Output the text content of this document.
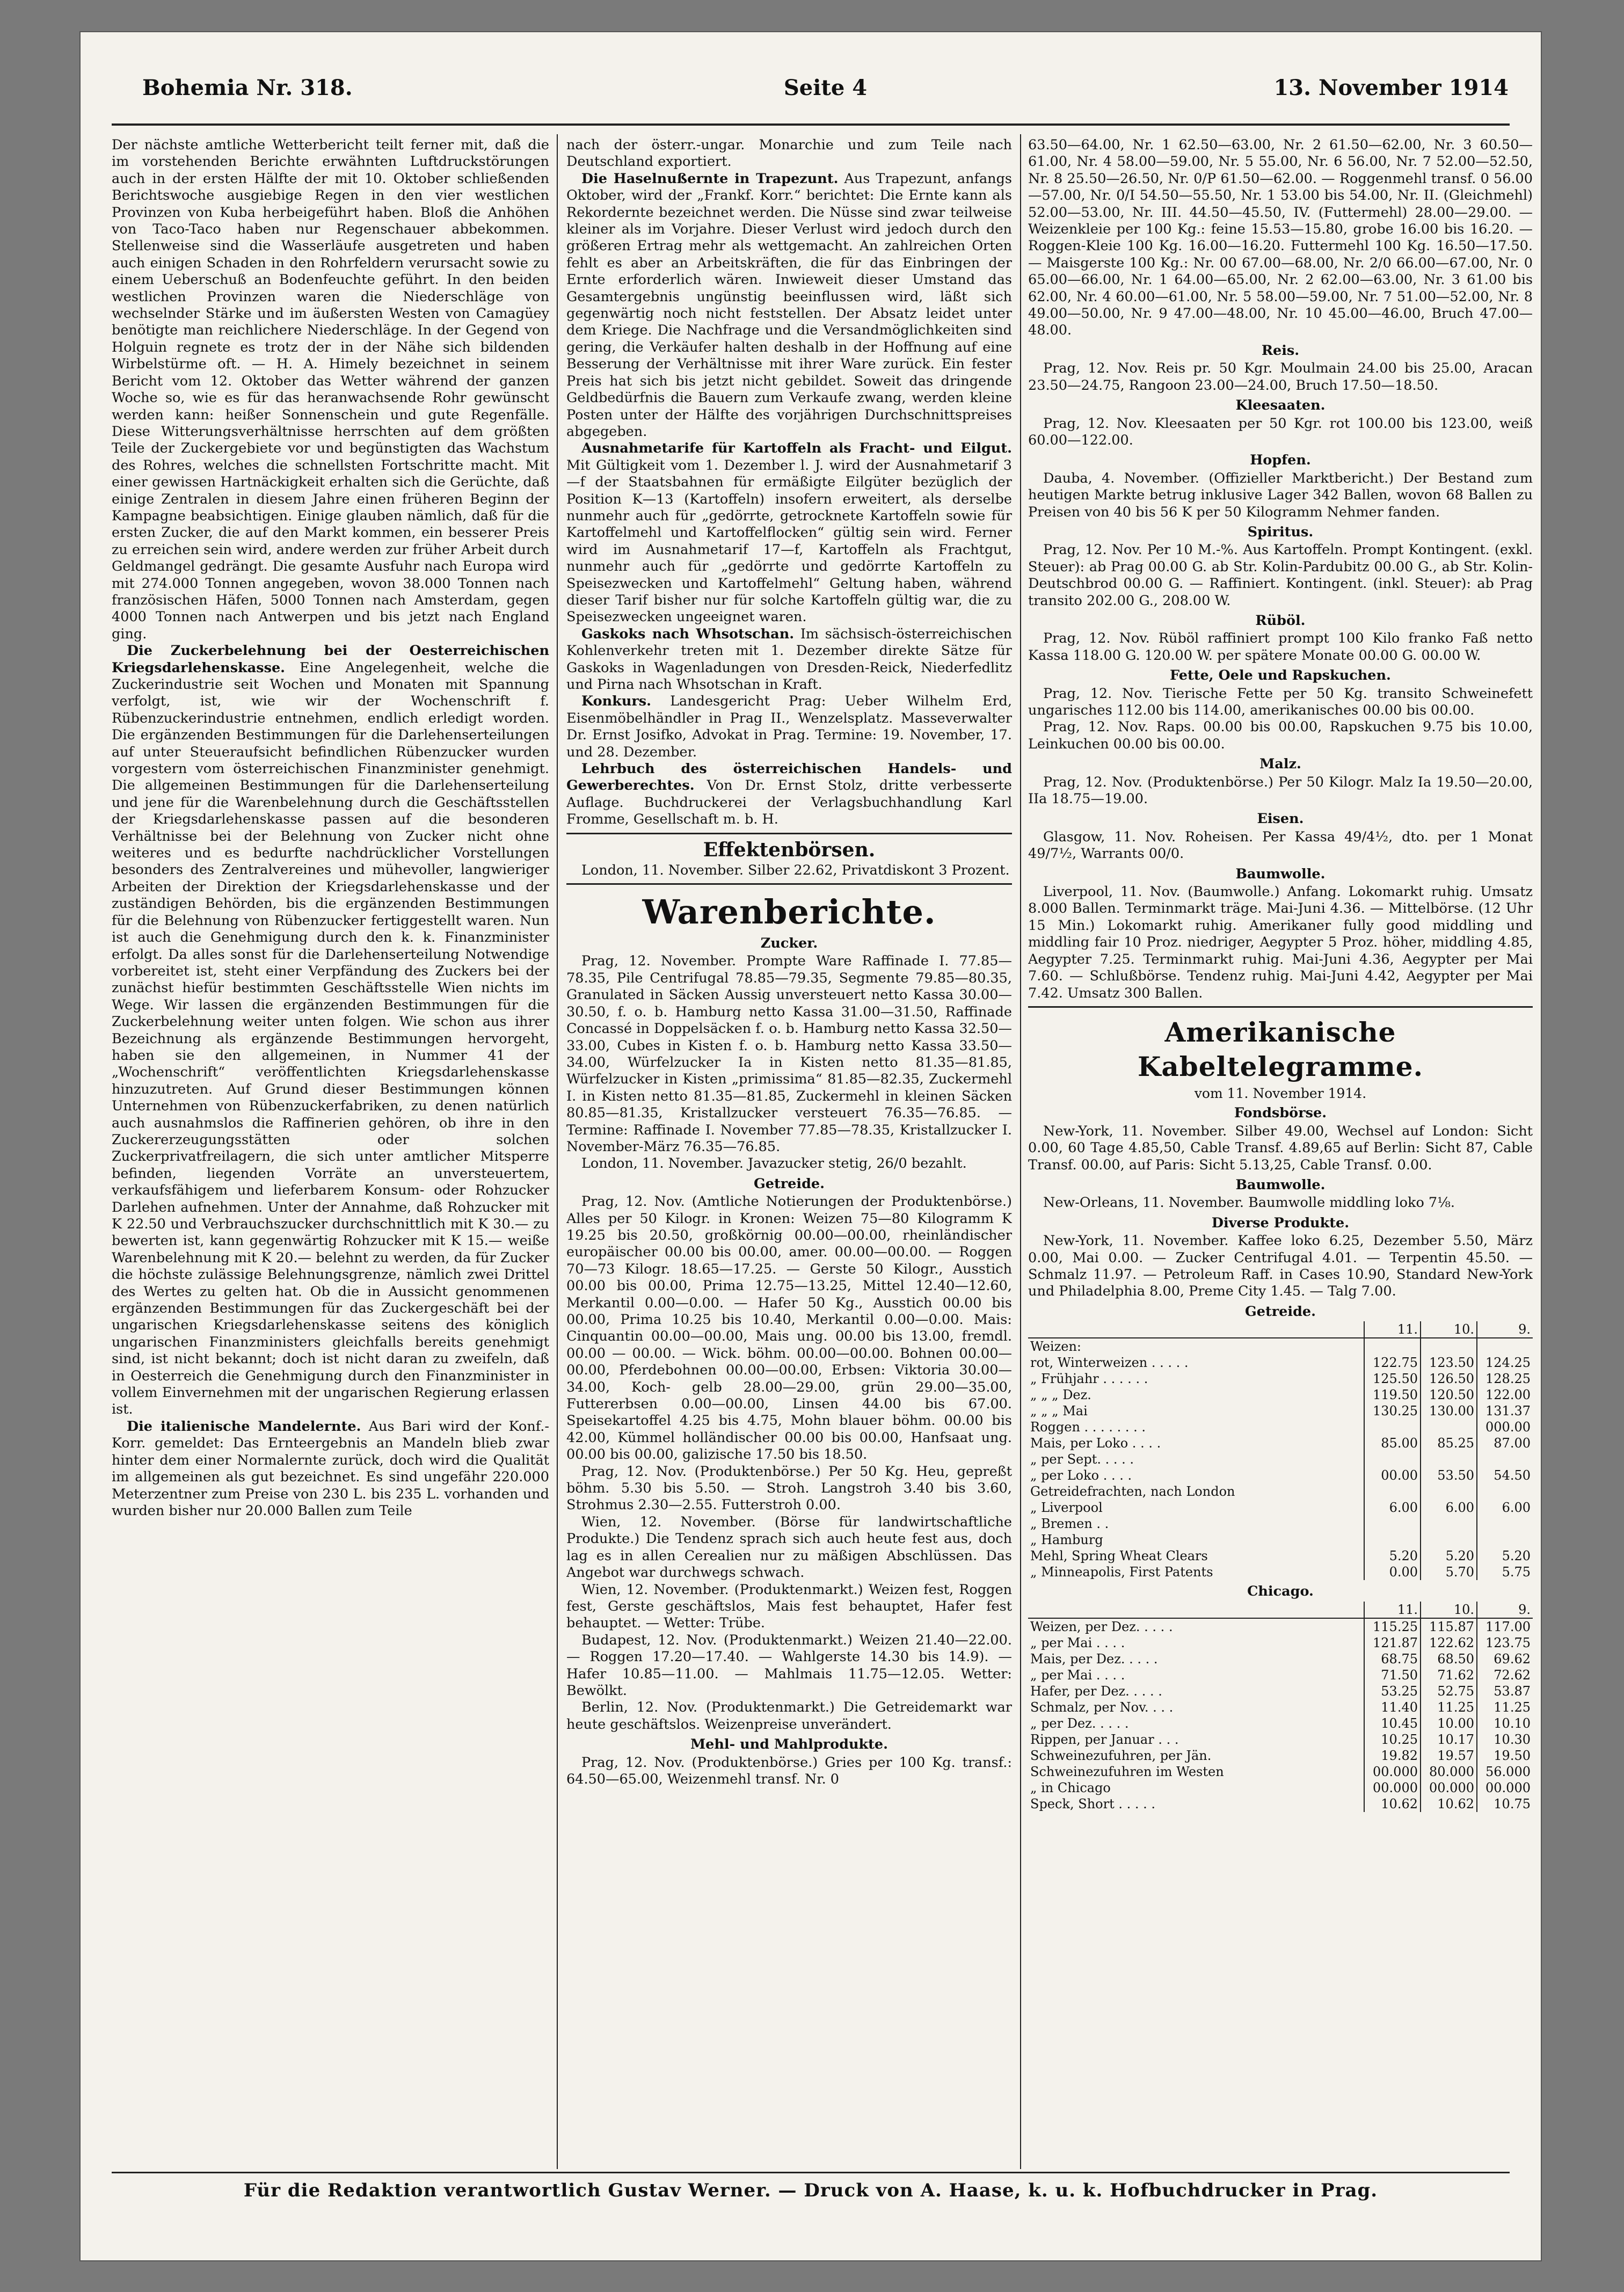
Bohemia Nr. 318.	Seite 4	13. November 1914

Der nächste amtliche Wetterbericht teilt ferner mit, daß die im vorstehenden Berichte erwähnten Luftdruckstörungen auch in der ersten Hälfte der mit 10. Oktober schließenden Berichtswoche ausgiebige Regen in den vier westlichen Provinzen von Kuba herbeigeführt haben. Bloß die Anhöhen von Taco-Taco haben nur Regenschauer abbekommen. Stellenweise sind die Wasserläufe ausgetreten und haben auch einigen Schaden in den Rohrfeldern verursacht sowie zu einem Ueberschuß an Bodenfeuchte geführt. In den beiden westlichen Provinzen waren die Niederschläge von wechselnder Stärke und im äußersten Westen von Camagüey benötigte man reichlichere Niederschläge. In der Gegend von Holguin regnete es trotz der in der Nähe sich bildenden Wirbelstürme oft. — H. A. Himely bezeichnet in seinem Bericht vom 12. Oktober das Wetter während der ganzen Woche so, wie es für das heranwachsende Rohr gewünscht werden kann: heißer Sonnenschein und gute Regenfälle. Diese Witterungsverhältnisse herrschten auf dem größten Teile der Zuckergebiete vor und begünstigten das Wachstum des Rohres, welches die schnellsten Fortschritte macht. Mit einer gewissen Hartnäckigkeit erhalten sich die Gerüchte, daß einige Zentralen in diesem Jahre einen früheren Beginn der Kampagne beabsichtigen. Einige glauben nämlich, daß für die ersten Zucker, die auf den Markt kommen, ein besserer Preis zu erreichen sein wird, andere werden zur früher Arbeit durch Geldmangel gedrängt. Die gesamte Ausfuhr nach Europa wird mit 274.000 Tonnen angegeben, wovon 38.000 Tonnen nach französischen Häfen, 5000 Tonnen nach Amsterdam, gegen 4000 Tonnen nach Antwerpen und bis jetzt nach England ging.

Die Zuckerbelehnung bei der Oesterreichischen Kriegsdarlehenskasse. Eine Angelegenheit, welche die Zuckerindustrie seit Wochen und Monaten mit Spannung verfolgt, ist, wie wir der Wochenschrift f. Rübenzuckerindustrie entnehmen, endlich erledigt worden. Die ergänzenden Bestimmungen für die Darlehenserteilungen auf unter Steueraufsicht befindlichen Rübenzucker wurden vorgestern vom österreichischen Finanzminister genehmigt. Die allgemeinen Bestimmungen für die Darlehenserteilung und jene für die Warenbelehnung durch die Geschäftsstellen der Kriegsdarlehenskasse passen auf die besonderen Verhältnisse bei der Belehnung von Zucker nicht ohne weiteres und es bedurfte nachdrücklicher Vorstellungen besonders des Zentralvereines und mühevoller, langwieriger Arbeiten der Direktion der Kriegsdarlehenskasse und der zuständigen Behörden, bis die ergänzenden Bestimmungen für die Belehnung von Rübenzucker fertiggestellt waren. Nun ist auch die Genehmigung durch den k. k. Finanzminister erfolgt. Da alles sonst für die Darlehenserteilung Notwendige vorbereitet ist, steht einer Verpfändung des Zuckers bei der zunächst hiefür bestimmten Geschäftsstelle Wien nichts im Wege. Wir lassen die ergänzenden Bestimmungen für die Zuckerbelehnung weiter unten folgen. Wie schon aus ihrer Bezeichnung als ergänzende Bestimmungen hervorgeht, haben sie den allgemeinen, in Nummer 41 der „Wochenschrift“ veröffentlichten Kriegsdarlehenskasse hinzuzutreten. Auf Grund dieser Bestimmungen können Unternehmen von Rübenzuckerfabriken, zu denen natürlich auch ausnahmslos die Raffinerien gehören, ob ihre in den Zuckererzeugungsstätten oder solchen Zuckerprivatfreilagern, die sich unter amtlicher Mitsperre befinden, liegenden Vorräte an unversteuertem, verkaufsfähigem und lieferbarem Konsum- oder Rohzucker Darlehen aufnehmen. Unter der Annahme, daß Rohzucker mit K 22.50 und Verbrauchszucker durchschnittlich mit K 30.— zu bewerten ist, kann gegenwärtig Rohzucker mit K 15.— weiße Warenbelehnung mit K 20.— belehnt zu werden, da für Zucker die höchste zulässige Belehnungsgrenze, nämlich zwei Drittel des Wertes zu gelten hat. Ob die in Aussicht genommenen ergänzenden Bestimmungen für das Zuckergeschäft bei der ungarischen Kriegsdarlehenskasse seitens des königlich ungarischen Finanzministers gleichfalls bereits genehmigt sind, ist nicht bekannt; doch ist nicht daran zu zweifeln, daß in Oesterreich die Genehmigung durch den Finanzminister in vollem Einvernehmen mit der ungarischen Regierung erlassen ist.

Die italienische Mandelernte. Aus Bari wird der Konf.-Korr. gemeldet: Das Ernteergebnis an Mandeln blieb zwar hinter dem einer Normalernte zurück, doch wird die Qualität im allgemeinen als gut bezeichnet. Es sind ungefähr 220.000 Meterzentner zum Preise von 230 L. bis 235 L. vorhanden und wurden bisher nur 20.000 Ballen zum Teile

nach der österr.-ungar. Monarchie und zum Teile nach Deutschland exportiert.

Die Haselnußernte in Trapezunt. Aus Trapezunt, anfangs Oktober, wird der „Frankf. Korr.“ berichtet: Die Ernte kann als Rekordernte bezeichnet werden. Die Nüsse sind zwar teilweise kleiner als im Vorjahre. Dieser Verlust wird jedoch durch den größeren Ertrag mehr als wettgemacht. An zahlreichen Orten fehlt es aber an Arbeitskräften, die für das Einbringen der Ernte erforderlich wären. Inwieweit dieser Umstand das Gesamtergebnis ungünstig beeinflussen wird, läßt sich gegenwärtig noch nicht feststellen. Der Absatz leidet unter dem Kriege. Die Nachfrage und die Versandmöglichkeiten sind gering, die Verkäufer halten deshalb in der Hoffnung auf eine Besserung der Verhältnisse mit ihrer Ware zurück. Ein fester Preis hat sich bis jetzt nicht gebildet. Soweit das dringende Geldbedürfnis die Bauern zum Verkaufe zwang, werden kleine Posten unter der Hälfte des vorjährigen Durchschnittspreises abgegeben.

Ausnahmetarife für Kartoffeln als Fracht- und Eilgut. Mit Gültigkeit vom 1. Dezember l. J. wird der Ausnahmetarif 3—f der Staatsbahnen für ermäßigte Eilgüter bezüglich der Position K—13 (Kartoffeln) insofern erweitert, als derselbe nunmehr auch für „gedörrte, getrocknete Kartoffeln sowie für Kartoffelmehl und Kartoffelflocken“ gültig sein wird. Ferner wird im Ausnahmetarif 17—f, Kartoffeln als Frachtgut, nunmehr auch für „gedörrte und gedörrte Kartoffeln zu Speisezwecken und Kartoffelmehl“ Geltung haben, während dieser Tarif bisher nur für solche Kartoffeln gültig war, die zu Speisezwecken ungeeignet waren.

Gaskoks nach Whsotschan. Im sächsisch-österreichischen Kohlenverkehr treten mit 1. Dezember direkte Sätze für Gaskoks in Wagenladungen von Dresden-Reick, Niederfedlitz und Pirna nach Whsotschan in Kraft.

Konkurs. Landesgericht Prag: Ueber Wilhelm Erd, Eisenmöbelhändler in Prag II., Wenzelsplatz. Masseverwalter Dr. Ernst Josifko, Advokat in Prag. Termine: 19. November, 17. und 28. Dezember.

Lehrbuch des österreichischen Handels- und Gewerberechtes. Von Dr. Ernst Stolz, dritte verbesserte Auflage. Buchdruckerei der Verlagsbuchhandlung Karl Fromme, Gesellschaft m. b. H.

Effektenbörsen.

London, 11. November. Silber 22.62, Privatdiskont 3 Prozent.

Warenberichte.
Zucker.

Prag, 12. November. Prompte Ware Raffinade I. 77.85—78.35, Pile Centrifugal 78.85—79.35, Segmente 79.85—80.35, Granulated in Säcken Aussig unversteuert netto Kassa 30.00—30.50, f. o. b. Hamburg netto Kassa 31.00—31.50, Raffinade Concassé in Doppelsäcken f. o. b. Hamburg netto Kassa 32.50—33.00, Cubes in Kisten f. o. b. Hamburg netto Kassa 33.50—34.00, Würfelzucker Ia in Kisten netto 81.35—81.85, Würfelzucker in Kisten „primissima“ 81.85—82.35, Zuckermehl I. in Kisten netto 81.35—81.85, Zuckermehl in kleinen Säcken 80.85—81.35, Kristallzucker versteuert 76.35—76.85. — Termine: Raffinade I. November 77.85—78.35, Kristallzucker I. November-März 76.35—76.85.

London, 11. November. Javazucker stetig, 26/0 bezahlt.

Getreide.

Prag, 12. Nov. (Amtliche Notierungen der Produktenbörse.) Alles per 50 Kilogr. in Kronen: Weizen 75—80 Kilogramm K 19.25 bis 20.50, großkörnig 00.00—00.00, rheinländischer europäischer 00.00 bis 00.00, amer. 00.00—00.00. — Roggen 70—73 Kilogr. 18.65—17.25. — Gerste 50 Kilogr., Ausstich 00.00 bis 00.00, Prima 12.75—13.25, Mittel 12.40—12.60, Merkantil 0.00—0.00. — Hafer 50 Kg., Ausstich 00.00 bis 00.00, Prima 10.25 bis 10.40, Merkantil 0.00—0.00. Mais: Cinquantin 00.00—00.00, Mais ung. 00.00 bis 13.00, fremdl. 00.00 — 00.00. — Wick. böhm. 00.00—00.00. Bohnen 00.00—00.00, Pferdebohnen 00.00—00.00, Erbsen: Viktoria 30.00—34.00, Koch- gelb 28.00—29.00, grün 29.00—35.00, Futtererbsen 0.00—00.00, Linsen 44.00 bis 67.00. Speisekartoffel 4.25 bis 4.75, Mohn blauer böhm. 00.00 bis 42.00, Kümmel holländischer 00.00 bis 00.00, Hanfsaat ung. 00.00 bis 00.00, galizische 17.50 bis 18.50.

Prag, 12. Nov. (Produktenbörse.) Per 50 Kg. Heu, gepreßt böhm. 5.30 bis 5.50. — Stroh. Langstroh 3.40 bis 3.60, Strohmus 2.30—2.55. Futterstroh 0.00.

Wien, 12. November. (Börse für landwirtschaftliche Produkte.) Die Tendenz sprach sich auch heute fest aus, doch lag es in allen Cerealien nur zu mäßigen Abschlüssen. Das Angebot war durchwegs schwach.

Wien, 12. November. (Produktenmarkt.) Weizen fest, Roggen fest, Gerste geschäftslos, Mais fest behauptet, Hafer fest behauptet. — Wetter: Trübe.

Budapest, 12. Nov. (Produktenmarkt.) Weizen 21.40—22.00. — Roggen 17.20—17.40. — Wahlgerste 14.30 bis 14.9). — Hafer 10.85—11.00. — Mahlmais 11.75—12.05. Wetter: Bewölkt.

Berlin, 12. Nov. (Produktenmarkt.) Die Getreidemarkt war heute geschäftslos. Weizenpreise unverändert.

Mehl- und Mahlprodukte.

Prag, 12. Nov. (Produktenbörse.) Gries per 100 Kg. transf.: 64.50—65.00, Weizenmehl transf. Nr. 0

63.50—64.00, Nr. 1 62.50—63.00, Nr. 2 61.50—62.00, Nr. 3 60.50—61.00, Nr. 4 58.00—59.00, Nr. 5 55.00, Nr. 6 56.00, Nr. 7 52.00—52.50, Nr. 8 25.50—26.50, Nr. 0/P 61.50—62.00. — Roggenmehl transf. 0 56.00—57.00, Nr. 0/I 54.50—55.50, Nr. 1 53.00 bis 54.00, Nr. II. (Gleichmehl) 52.00—53.00, Nr. III. 44.50—45.50, IV. (Futtermehl) 28.00—29.00. — Weizenkleie per 100 Kg.: feine 15.53—15.80, grobe 16.00 bis 16.20. — Roggen-Kleie 100 Kg. 16.00—16.20. Futtermehl 100 Kg. 16.50—17.50. — Maisgerste 100 Kg.: Nr. 00 67.00—68.00, Nr. 2/0 66.00—67.00, Nr. 0 65.00—66.00, Nr. 1 64.00—65.00, Nr. 2 62.00—63.00, Nr. 3 61.00 bis 62.00, Nr. 4 60.00—61.00, Nr. 5 58.00—59.00, Nr. 7 51.00—52.00, Nr. 8 49.00—50.00, Nr. 9 47.00—48.00, Nr. 10 45.00—46.00, Bruch 47.00—48.00.

Reis.

Prag, 12. Nov. Reis pr. 50 Kgr. Moulmain 24.00 bis 25.00, Aracan 23.50—24.75, Rangoon 23.00—24.00, Bruch 17.50—18.50.

Kleesaaten.

Prag, 12. Nov. Kleesaaten per 50 Kgr. rot 100.00 bis 123.00, weiß 60.00—122.00.

Hopfen.

Dauba, 4. November. (Offizieller Marktbericht.) Der Bestand zum heutigen Markte betrug inklusive Lager 342 Ballen, wovon 68 Ballen zu Preisen von 40 bis 56 K per 50 Kilogramm Nehmer fanden.

Spiritus.

Prag, 12. Nov. Per 10 M.-%. Aus Kartoffeln. Prompt Kontingent. (exkl. Steuer): ab Prag 00.00 G. ab Str. Kolin-Pardubitz 00.00 G., ab Str. Kolin-Deutschbrod 00.00 G. — Raffiniert. Kontingent. (inkl. Steuer): ab Prag transito 202.00 G., 208.00 W.

Rüböl.

Prag, 12. Nov. Rüböl raffiniert prompt 100 Kilo franko Faß netto Kassa 118.00 G. 120.00 W. per spätere Monate 00.00 G. 00.00 W.

Fette, Oele und Rapskuchen.

Prag, 12. Nov. Tierische Fette per 50 Kg. transito Schweinefett ungarisches 112.00 bis 114.00, amerikanisches 00.00 bis 00.00.

Prag, 12. Nov. Raps. 00.00 bis 00.00, Rapskuchen 9.75 bis 10.00, Leinkuchen 00.00 bis 00.00.

Malz.

Prag, 12. Nov. (Produktenbörse.) Per 50 Kilogr. Malz Ia 19.50—20.00, IIa 18.75—19.00.

Eisen.

Glasgow, 11. Nov. Roheisen. Per Kassa 49/4½, dto. per 1 Monat 49/7½, Warrants 00/0.

Baumwolle.

Liverpool, 11. Nov. (Baumwolle.) Anfang. Lokomarkt ruhig. Umsatz 8.000 Ballen. Terminmarkt träge. Mai-Juni 4.36. — Mittelbörse. (12 Uhr 15 Min.) Lokomarkt ruhig. Amerikaner fully good middling und middling fair 10 Proz. niedriger, Aegypter 5 Proz. höher, middling 4.85, Aegypter 7.25. Terminmarkt ruhig. Mai-Juni 4.36, Aegypter per Mai 7.60. — Schlußbörse. Tendenz ruhig. Mai-Juni 4.42, Aegypter per Mai 7.42. Umsatz 300 Ballen.

Amerikanische Kabeltelegramme.
vom 11. November 1914.
Fondsbörse.

New-York, 11. November. Silber 49.00, Wechsel auf London: Sicht 0.00, 60 Tage 4.85‚50, Cable Transf. 4.89‚65 auf Berlin: Sicht 87, Cable Transf. 00.00, auf Paris: Sicht 5.13‚25, Cable Transf. 0.00.

Baumwolle.

New-Orleans, 11. November. Baumwolle middling loko 7⅛.

Diverse Produkte.

New-York, 11. November. Kaffee loko 6.25, Dezember 5.50, März 0.00, Mai 0.00. — Zucker Centrifugal 4.01. — Terpentin 45.50. — Schmalz 11.97. — Petroleum Raff. in Cases 10.90, Standard New-York und Philadelphia 8.00, Preme City 1.45. — Talg 7.00.

Getreide.
	11.	10.	9.
Weizen:			
rot, Winterweizen . . . . .	122.75	123.50	124.25
„ Frühjahr . . . . . .	125.50	126.50	128.25
„ „ „ Dez.	119.50	120.50	122.00
„ „ „ Mai	130.25	130.00	131.37
Roggen . . . . . . . .			000.00
Mais, per Loko . . . .	85.00	85.25	87.00
„ per Sept. . . . .			
„ per Loko . . . .	00.00	53.50	54.50
Getreidefrachten, nach London			
„ Liverpool	6.00	6.00	6.00
„ Bremen . .			
„ Hamburg			
Mehl, Spring Wheat Clears	5.20	5.20	5.20
„ Minneapolis, First Patents	0.00	5.70	5.75
Chicago.
	11.	10.	9.
Weizen, per Dez. . . . .	115.25	115.87	117.00
„ per Mai . . . .	121.87	122.62	123.75
Mais, per Dez. . . . .	68.75	68.50	69.62
„ per Mai . . . .	71.50	71.62	72.62
Hafer, per Dez. . . . .	53.25	52.75	53.87
Schmalz, per Nov. . . .	11.40	11.25	11.25
„ per Dez. . . . .	10.45	10.00	10.10
Rippen, per Januar . . .	10.25	10.17	10.30
Schweinezufuhren, per Jän.	19.82	19.57	19.50
Schweinezufuhren im Westen	00.000	80.000	56.000
„ in Chicago	00.000	00.000	00.000
Speck, Short . . . . .	10.62	10.62	10.75
Für die Redaktion verantwortlich Gustav Werner. — Druck von A. Haase, k. u. k. Hofbuchdrucker in Prag.
